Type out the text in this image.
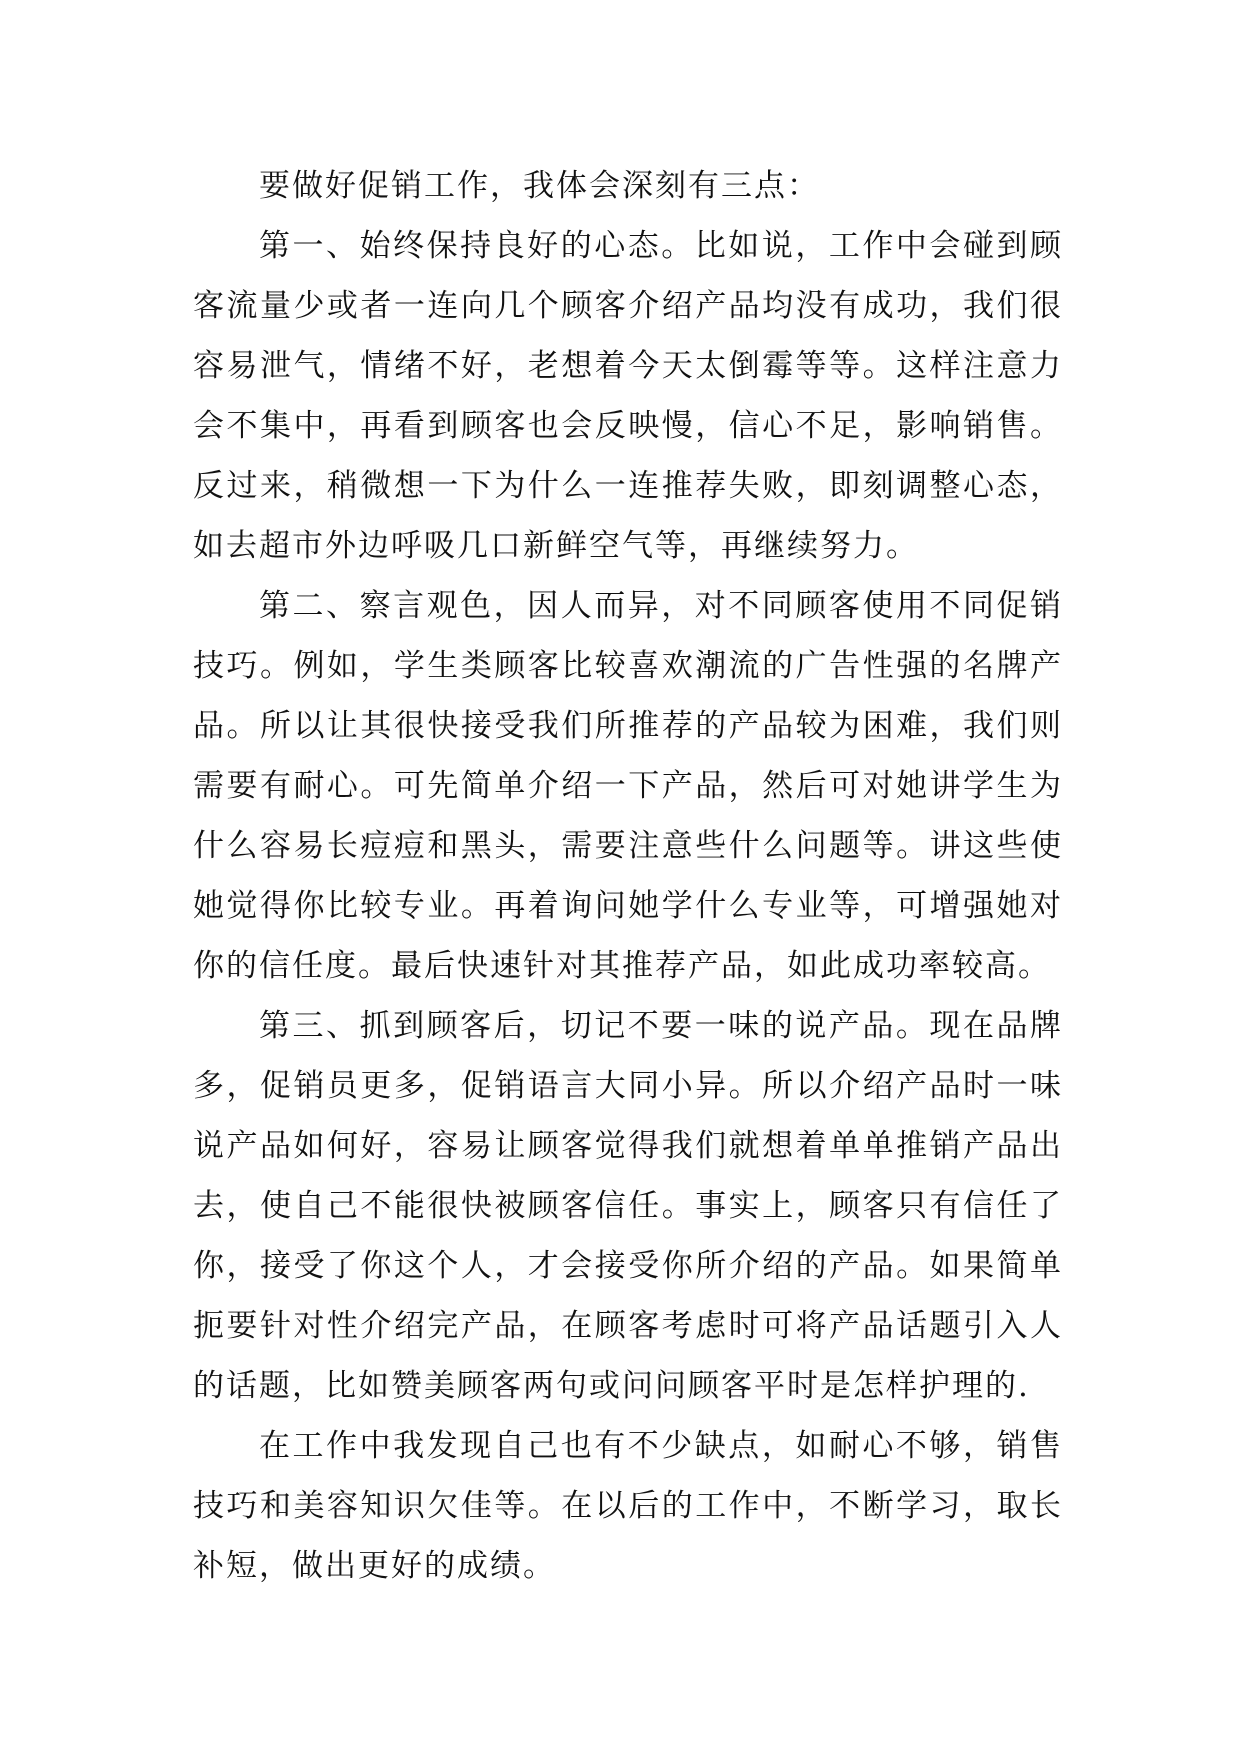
要做好促销工作，我体会深刻有三点：

第一、始终保持良好的心态。比如说，工作中会碰到顾客流量少或者一连向几个顾客介绍产品均没有成功，我们很容易泄气，情绪不好，老想着今天太倒霉等等。这样注意力会不集中，再看到顾客也会反映慢，信心不足，影响销售。反过来，稍微想一下为什么一连推荐失败，即刻调整心态，如去超市外边呼吸几口新鲜空气等，再继续努力。

第二、察言观色，因人而异，对不同顾客使用不同促销技巧。例如，学生类顾客比较喜欢潮流的广告性强的名牌产品。所以让其很快接受我们所推荐的产品较为困难，我们则需要有耐心。可先简单介绍一下产品，然后可对她讲学生为什么容易长痘痘和黑头，需要注意些什么问题等。讲这些使她觉得你比较专业。再着询问她学什么专业等，可增强她对你的信任度。最后快速针对其推荐产品，如此成功率较高。

第三、抓到顾客后，切记不要一味的说产品。现在品牌多，促销员更多，促销语言大同小异。所以介绍产品时一味说产品如何好，容易让顾客觉得我们就想着单单推销产品出去，使自己不能很快被顾客信任。事实上，顾客只有信任了你，接受了你这个人，才会接受你所介绍的产品。如果简单扼要针对性介绍完产品，在顾客考虑时可将产品话题引入人的话题，比如赞美顾客两句或问问顾客平时是怎样护理的.

在工作中我发现自己也有不少缺点，如耐心不够，销售技巧和美容知识欠佳等。在以后的工作中，不断学习，取长补短，做出更好的成绩。
